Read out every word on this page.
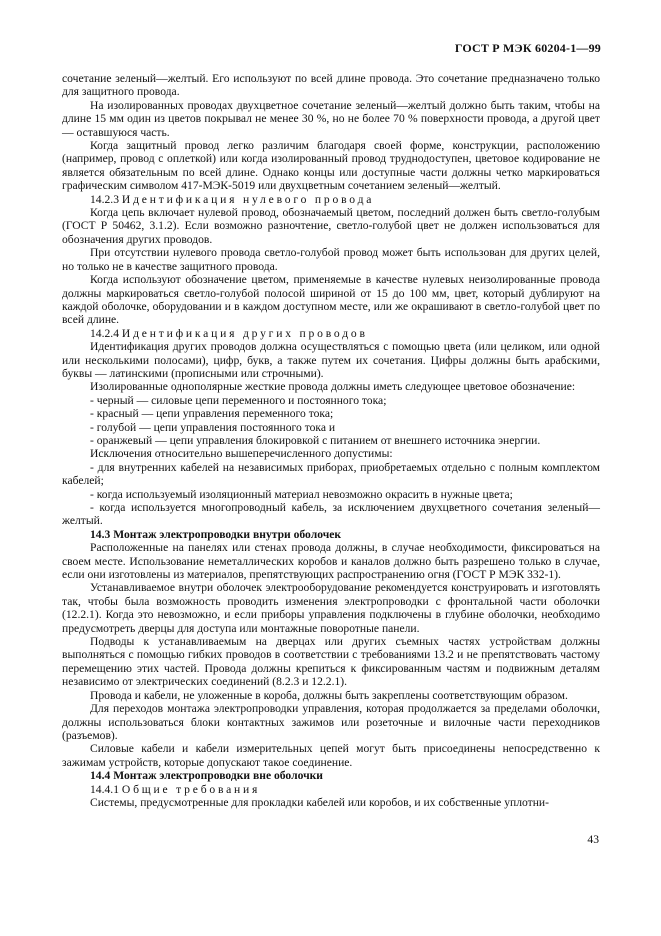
ГОСТ Р МЭК 60204-1—99

сочетание зеленый—желтый. Его используют по всей длине провода. Это сочетание предназначено только для защитного провода.

На изолированных проводах двухцветное сочетание зеленый—желтый должно быть таким, чтобы на длине 15 мм один из цветов покрывал не менее 30 %, но не более 70 % поверхности провода, а другой цвет — оставшуюся часть.

Когда защитный провод легко различим благодаря своей форме, конструкции, расположению (например, провод с оплеткой) или когда изолированный провод труднодоступен, цветовое кодирование не является обязательным по всей длине. Однако концы или доступные части должны четко маркироваться графическим символом 417-МЭК-5019 или двухцветным сочетанием зеленый—желтый.

14.2.3 Идентификация нулевого провода

Когда цепь включает нулевой провод, обозначаемый цветом, последний должен быть светло-голубым (ГОСТ Р 50462, 3.1.2). Если возможно разночтение, светло-голубой цвет не должен использоваться для обозначения других проводов.

При отсутствии нулевого провода светло-голубой провод может быть использован для других целей, но только не в качестве защитного провода.

Когда используют обозначение цветом, применяемые в качестве нулевых неизолированные провода должны маркироваться светло-голубой полосой шириной от 15 до 100 мм, цвет, который дублируют на каждой оболочке, оборудовании и в каждом доступном месте, или же окрашивают в светло-голубой цвет по всей длине.

14.2.4 Идентификация других проводов

Идентификация других проводов должна осуществляться с помощью цвета (или целиком, или одной или несколькими полосами), цифр, букв, а также путем их сочетания. Цифры должны быть арабскими, буквы — латинскими (прописными или строчными).

Изолированные однополярные жесткие провода должны иметь следующее цветовое обозначение:

- черный — силовые цепи переменного и постоянного тока;

- красный — цепи управления переменного тока;

- голубой — цепи управления постоянного тока и

- оранжевый — цепи управления блокировкой с питанием от внешнего источника энергии.

Исключения относительно вышеперечисленного допустимы:

- для внутренних кабелей на независимых приборах, приобретаемых отдельно с полным комплектом кабелей;

- когда используемый изоляционный материал невозможно окрасить в нужные цвета;

- когда используется многопроводный кабель, за исключением двухцветного сочетания зеленый—желтый.

14.3 Монтаж электропроводки внутри оболочек

Расположенные на панелях или стенах провода должны, в случае необходимости, фиксироваться на своем месте. Использование неметаллических коробов и каналов должно быть разрешено только в случае, если они изготовлены из материалов, препятствующих распространению огня (ГОСТ Р МЭК 332-1).

Устанавливаемое внутри оболочек электрооборудование рекомендуется конструировать и изготовлять так, чтобы была возможность проводить изменения электропроводки с фронтальной части оболочки (12.2.1). Когда это невозможно, и если приборы управления подключены в глубине оболочки, необходимо предусмотреть дверцы для доступа или монтажные поворотные панели.

Подводы к устанавливаемым на дверцах или других съемных частях устройствам должны выполняться с помощью гибких проводов в соответствии с требованиями 13.2 и не препятствовать частому перемещению этих частей. Провода должны крепиться к фиксированным частям и подвижным деталям независимо от электрических соединений (8.2.3 и 12.2.1).

Провода и кабели, не уложенные в короба, должны быть закреплены соответствующим образом.

Для переходов монтажа электропроводки управления, которая продолжается за пределами оболочки, должны использоваться блоки контактных зажимов или розеточные и вилочные части переходников (разъемов).

Силовые кабели и кабели измерительных цепей могут быть присоединены непосредственно к зажимам устройств, которые допускают такое соединение.

14.4 Монтаж электропроводки вне оболочки

14.4.1 Общие требования

Системы, предусмотренные для прокладки кабелей или коробов, и их собственные уплотни-

43
